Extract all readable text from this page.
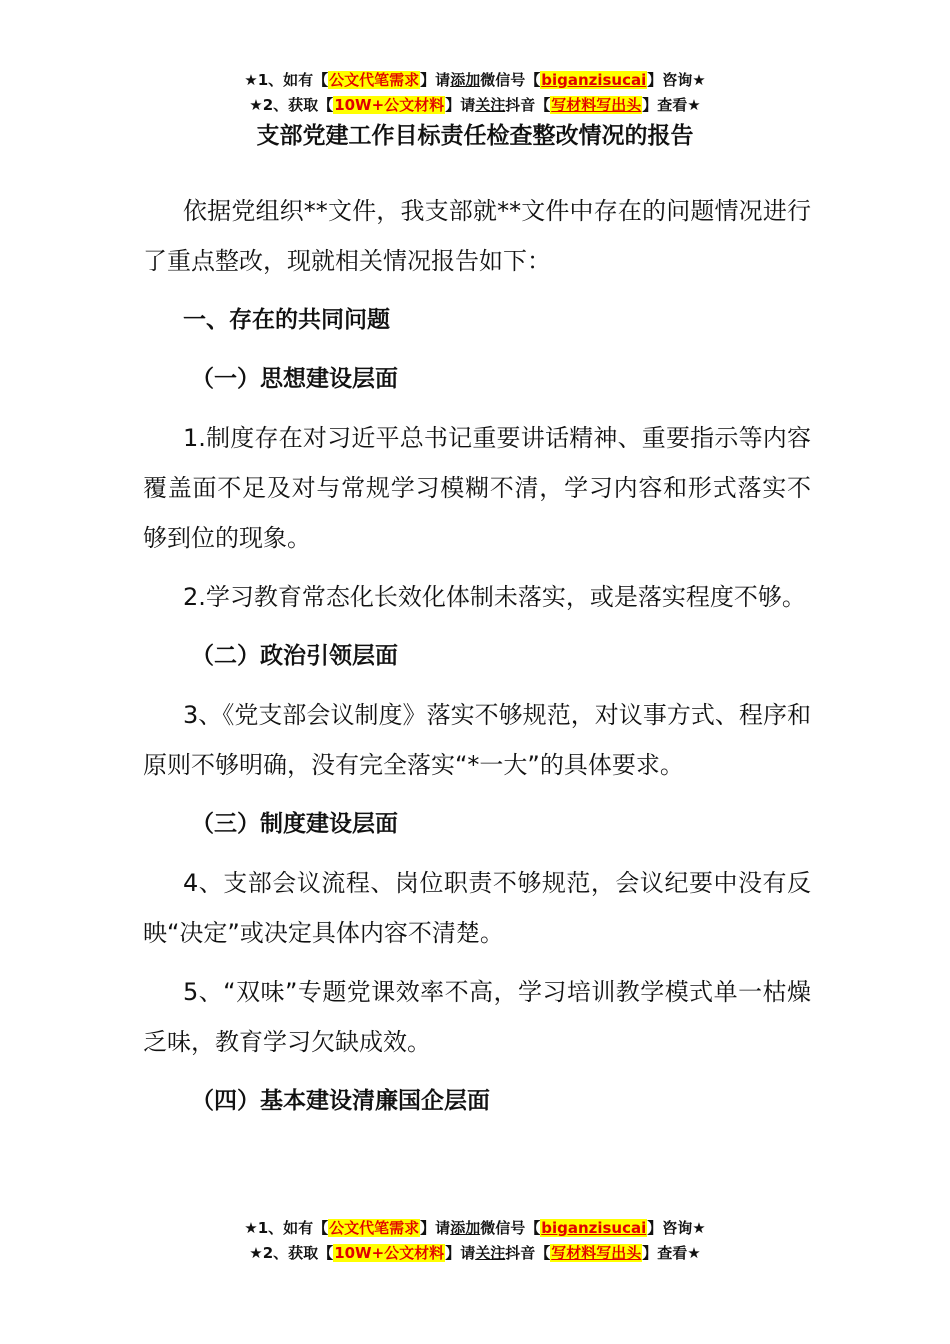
★1、如有【公文代笔需求】请添加微信号【biganzisucai】咨询★
★2、获取【10W+公文材料】请关注抖音【写材料写出头】查看★
支部党建工作目标责任检查整改情况的报告

依据党组织**文件，我支部就**文件中存在的问题情况进行了重点整改，现就相关情况报告如下：

一、存在的共同问题

（一）思想建设层面

1.制度存在对习近平总书记重要讲话精神、重要指示等内容覆盖面不足及对与常规学习模糊不清，学习内容和形式落实不够到位的现象。

2.学习教育常态化长效化体制未落实，或是落实程度不够。

（二）政治引领层面

3、《党支部会议制度》落实不够规范，对议事方式、程序和原则不够明确，没有完全落实“*一大”的具体要求。

（三）制度建设层面

4、支部会议流程、岗位职责不够规范，会议纪要中没有反映“决定”或决定具体内容不清楚。

5、“双味”专题党课效率不高，学习培训教学模式单一枯燥乏味，教育学习欠缺成效。

（四）基本建设清廉国企层面

★1、如有【公文代笔需求】请添加微信号【biganzisucai】咨询★
★2、获取【10W+公文材料】请关注抖音【写材料写出头】查看★
